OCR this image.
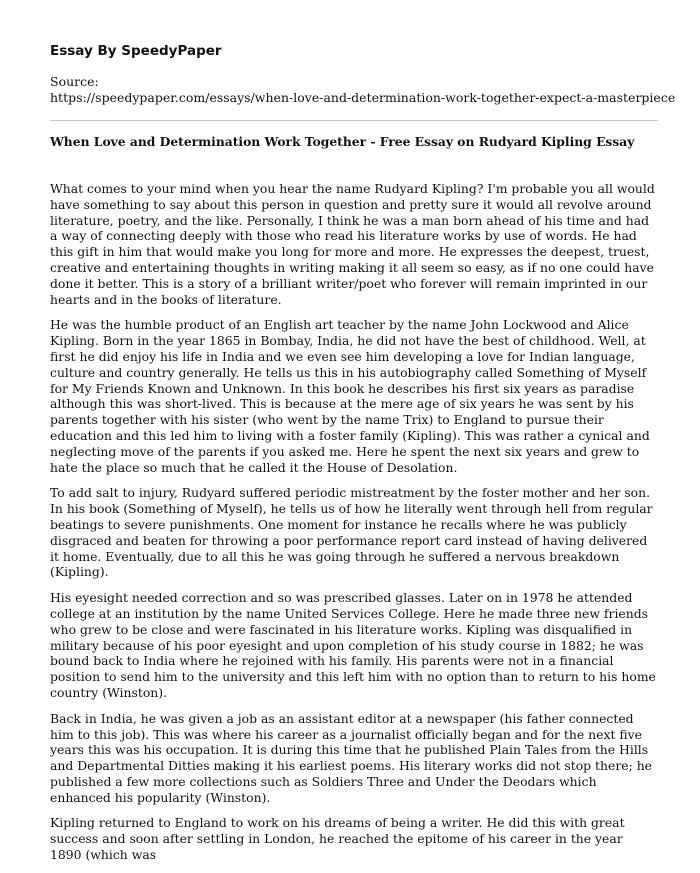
Essay By SpeedyPaper
Source:
https://speedypaper.com/essays/when-love-and-determination-work-together-expect-a-masterpiece
When Love and Determination Work Together - Free Essay on Rudyard Kipling Essay

What comes to your mind when you hear the name Rudyard Kipling? I'm probable you all would have something to say about this person in question and pretty sure it would all revolve around literature, poetry, and the like. Personally, I think he was a man born ahead of his time and had a way of connecting deeply with those who read his literature works by use of words. He had this gift in him that would make you long for more and more. He expresses the deepest, truest, creative and entertaining thoughts in writing making it all seem so easy, as if no one could have done it better. This is a story of a brilliant writer/poet who forever will remain imprinted in our hearts and in the books of literature.

He was the humble product of an English art teacher by the name John Lockwood and Alice Kipling. Born in the year 1865 in Bombay, India, he did not have the best of childhood. Well, at first he did enjoy his life in India and we even see him developing a love for Indian language, culture and country generally. He tells us this in his autobiography called Something of Myself for My Friends Known and Unknown. In this book he describes his first six years as paradise although this was short-lived. This is because at the mere age of six years he was sent by his parents together with his sister (who went by the name Trix) to England to pursue their education and this led him to living with a foster family (Kipling). This was rather a cynical and neglecting move of the parents if you asked me. Here he spent the next six years and grew to hate the place so much that he called it the House of Desolation.

To add salt to injury, Rudyard suffered periodic mistreatment by the foster mother and her son. In his book (Something of Myself), he tells us of how he literally went through hell from regular beatings to severe punishments. One moment for instance he recalls where he was publicly disgraced and beaten for throwing a poor performance report card instead of having delivered it home. Eventually, due to all this he was going through he suffered a nervous breakdown (Kipling).

His eyesight needed correction and so was prescribed glasses. Later on in 1978 he attended college at an institution by the name United Services College. Here he made three new friends who grew to be close and were fascinated in his literature works. Kipling was disqualified in military because of his poor eyesight and upon completion of his study course in 1882; he was bound back to India where he rejoined with his family. His parents were not in a financial position to send him to the university and this left him with no option than to return to his home country (Winston).

Back in India, he was given a job as an assistant editor at a newspaper (his father connected him to this job). This was where his career as a journalist officially began and for the next five years this was his occupation. It is during this time that he published Plain Tales from the Hills and Departmental Ditties making it his earliest poems. His literary works did not stop there; he published a few more collections such as Soldiers Three and Under the Deodars which enhanced his popularity (Winston).

Kipling returned to England to work on his dreams of being a writer. He did this with great success and soon after settling in London, he reached the epitome of his career in the year 1890 (which was
